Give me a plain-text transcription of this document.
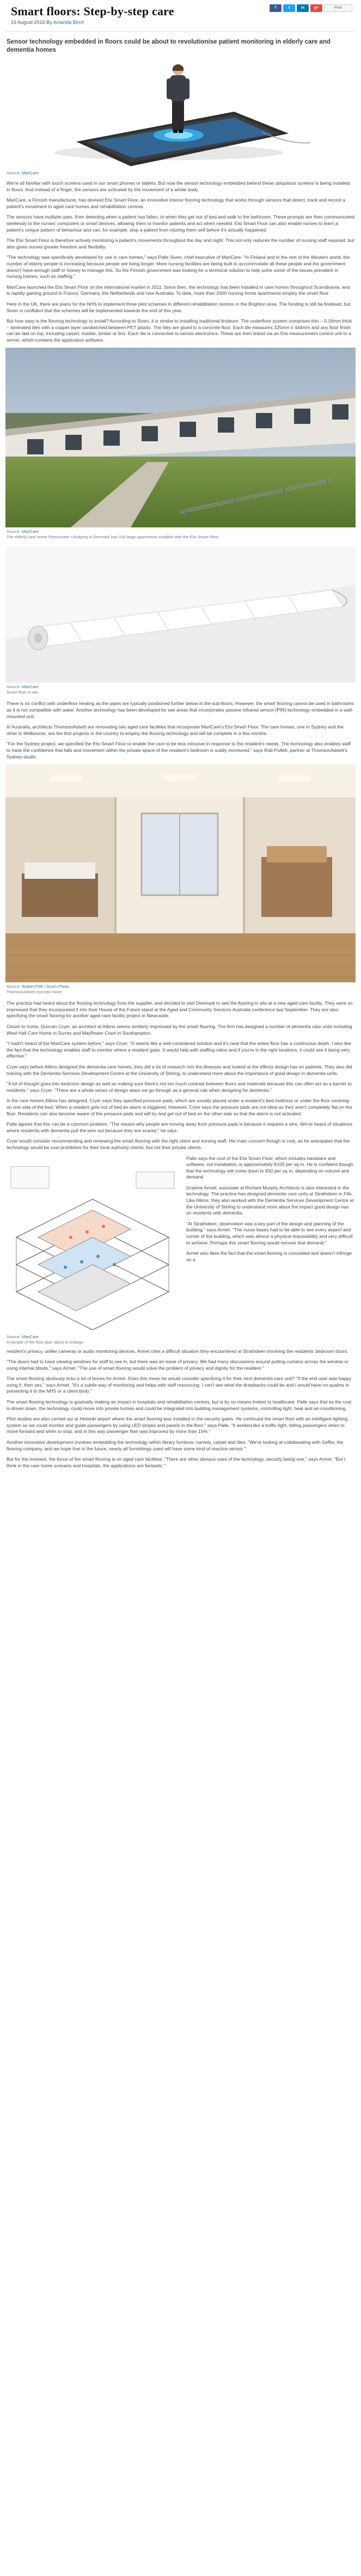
Smart floors: Step-by-step care
19 August 2016 By Amanda Birch
f	t	in	g+	Print
Sensor technology embedded in floors could be about to revolutionise patient monitoring in elderly care and dementia homes
Source: MariCare

We're all familiar with touch screens used in our smart phones or tablets. But now the sensor technology embedded behind these ubiquitous screens is being installed in floors. And instead of a finger, the sensors are activated by the movement of a whole body.

MariCare, a Finnish manufacturer, has devised Elsi Smart Floor, an innovative interior flooring technology that works through sensors that detect, track and record a patient's movement in aged care homes and rehabilitation centres.

The sensors have multiple uses, from detecting when a patient has fallen, to when they get out of bed and walk to the bathroom. These prompts are then communicated wirelessly to the nurses' computers or smart devices, allowing them to monitor patients and act when needed. Elsi Smart Floor can also enable nurses to learn a patient's unique pattern of behaviour and can, for example, stop a patient from injuring them self before it's actually happened.

The Elsi Smart Floor is therefore actively monitoring a patient's movements throughout the day and night. This not only reduces the number of nursing staff required, but also gives nurses greater freedom and flexibility.

"The technology was specifically developed for use in care homes," says Palle Siven, chief executive of MariCare. "In Finland and in the rest of the Western world, the number of elderly people is increasing because people are living longer. More nursing facilities are being built to accommodate all these people and the government doesn't have enough staff or money to manage this. So the Finnish government was looking for a technical solution to help solve some of the issues prevalent in nursing homes, such as staffing."

MariCare launched the Elsi Smart Floor on the international market in 2011. Since then, the technology has been installed in care homes throughout Scandinavia, and is rapidly gaining ground in France, Germany, the Netherlands and now Australia. To date, more than 2000 nursing home apartments employ the smart floor.

Here in the UK, there are plans for the NHS to implement three pilot schemes in different rehabilitation centres in the Brighton area. The funding is still be finalised, but Siven is confident that the schemes will be implemented towards the end of this year.

But how easy is the flooring technology to install? According to Siven, it is similar to installing traditional linoleum. The underfloor system comprises thin – 0.16mm thick – laminated tiles with a copper layer sandwiched between PET plastic. The tiles are glued to a concrete floor. Each tile measures 325mm x 444mm and any floor finish can be laid on top, including carpet, marble, timber or lino. Each tile is connected to sensor electronics. These are then linked via an Elsi measurement control unit to a server, which contains the application software.

Source: MariCare
The elderly care home Plesscenter Ulvsbjerg in Denmark has 104 large apartments installed with the Elsi Smart Floor
Source: MariCare
Smart floor in situ

There is no conflict with underfloor heating as the pipes are typically positioned further below in the sub-floors. However, the smart flooring cannot be used in bathrooms as it is not compatible with water. Another technology has been developed for wet areas that incorporates passive infrared sensor (PIR) technology embedded in a wall-mounted unit.

In Australia, architects ThomsonAdsett are renovating two aged care facilities that incorporate MariCare's Elsi Smart Floor. The care homes, one in Sydney and the other in Melbourne, are the first projects in the country to employ the flooring technology and will be complete in a few months.

"For the Sydney project, we specified the Elsi Smart Floor to enable the care to be less intrusive in response to the resident's needs. The technology also enables staff to have the confidence that falls and movement within the private space of the resident's bedroom is subtly monitored," says Rob Puflett, partner at ThomsonAdsett's Sydney studio.

Source: Robert Frith / Acorn Photo
ThomsonAdsett concept home

The practice had heard about the flooring technology from the supplier, and decided to visit Denmark to see the flooring in situ at a new aged care facility. They were so impressed that they incorporated it into their House of the Future stand at the Aged and Community Services Australia conference last September. They are also specifying the smart flooring for another aged care facility project in Newcastle.

Closer to home, Duncan Cryer, an architect at Atkins seems similarly impressed by the smart flooring. The firm has designed a number of dementia care units including West Hall Care Home in Surrey and Mayflower Court in Southampton.

"I hadn't heard of the MariCare system before," says Cryer. "It seems like a well-considered solution and it's neat that the entire floor has a continuous depth. I also like the fact that the technology enables staff to monitor where a resident goes. It would help with staffing ratios and if you're in the right locations, it could see it being very effective."

Cryer says before Atkins designed the dementia care homes, they did a lot of research into the illnesses and looked at the effects design has on patients. They also did training with the Dementia Services Development Centre at the University of Stirling, to understand more about the importance of good design in dementia units.

"A lot of thought goes into bedroom design as well as making sure there's not too much contrast between floors and materials because this can often act as a barrier to residents," says Cryer. "There are a whole series of design steps we go through as a general rule when designing for dementia."

In the care homes Atkins has designed, Cryer says they specified pressure pads, which are usually placed under a resident's bed mattress or under the floor covering on one side of the bed. When a resident gets out of bed an alarm is triggered. However, Cryer says the pressure pads are not ideal as they aren't completely flat on the floor. Residents can also become aware of the pressure pads and will try and get out of bed on the other side so that the alarm is not activated.

Palle agrees that this can be a common problem. "The reason why people are moving away from pressure pads is because it requires a wire. We've heard of situations where residents with dementia pull the wire out because they are scared," he says.

Cryer would consider recommending and reviewing the smart flooring with the right client and nursing staff. His main concern though is cost, as he anticipates that the technology would be cost prohibitive for their local authority clients, but not their private clients.

Source: MariCare
A sample of the floor plan about to enlarge

Palle says the cost of the Elsi Smart Floor, which includes hardware and software, not installation, is approximately €100 per sq m. He is confident though that the technology will come down to €50 per sq m, depending on volume and demand.

Grainne Armet, associate at Richard Murphy Architects is also interested in the technology. The practice has designed dementia care units at Strathdeen in Fife. Like Atkins, they also worked with the Dementia Services Development Centre at the University of Stirling to understand more about the impact good design has on residents with dementia.

"At Strathdeen, observation was a key part of the design and planning of the building," says Armet. "The nurse bases had to be able to see every aspect and corner of the building, which was almost a physical impossibility and very difficult to achieve. Perhaps this smart flooring would remove that demand."

Armet also likes the fact that the smart flooring is concealed and doesn't infringe on a

resident's privacy, unlike cameras or audio monitoring devices. Armet cites a difficult situation they encountered at Strathdeen involving the residents' bedroom doors.

"The doors had to have viewing windows for staff to see in, but there was an issue of privacy. We had many discussions around putting curtains across the window or using internal blinds," says Armet. "The use of smart flooring would solve the problem of privacy and dignity for the resident."

The smart flooring obviously ticks a lot of boxes for Armet. Does this mean he would consider specifying it for their next dementia care unit? "If the end user was happy using it, then yes," says Armet. "It's a subtle way of monitoring and helps with staff resourcing. I can't see what the drawbacks could be and I would have no qualms in presenting it to the NHS or a client body."

The smart flooring technology is gradually making an impact in hospitals and rehabilitation centres, but is by no means limited to healthcare. Palle says that as the cost is driven down, the technology could move into private homes and could be integrated into building management systems, controlling light, heat and air-conditioning.

Pilot studies are also carried out at Helsinki airport where the smart flooring was installed in the security gates. He continued the smart floor with an intelligent lighting system so we could monitor and guide passengers by using LED stripes and panels in the floor," says Palle. "It worked like a traffic light, telling passengers when to move forward and when to stop, and in this way passenger flow was improved by more than 15%."

Another innovative development involves embedding the technology within library furniture, namely, carpet and tiles. "We're looking at collaborating with Geffor, the flooring company, and we hope that in the future, nearly all furnishings used will have some kind of reactive sensor."

But for the moment, the focus of the smart flooring is on aged care facilities. "There are other obvious uses of the technology, security being one," says Armet. "But I think in the care home scenario and hospitals, the applications are fantastic."
